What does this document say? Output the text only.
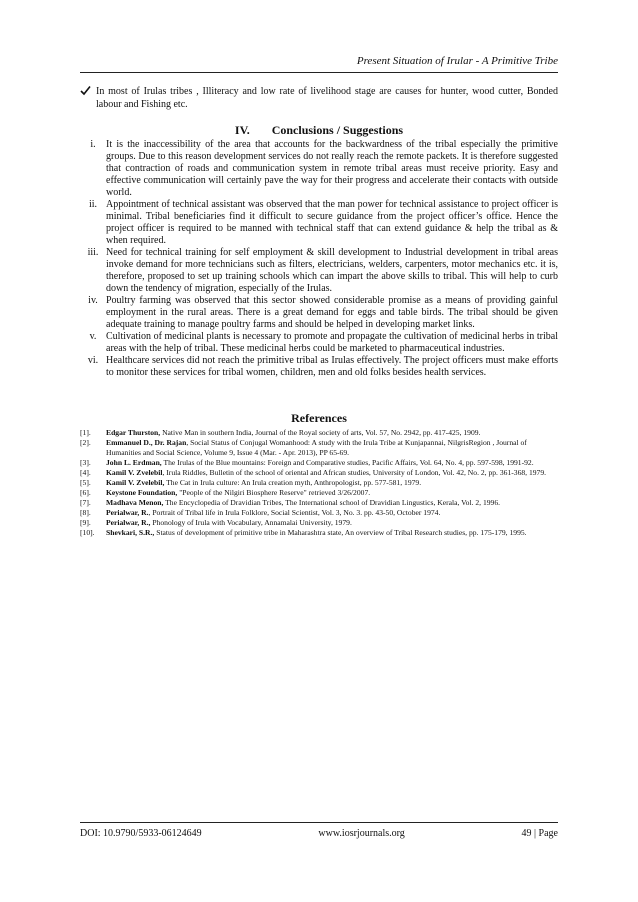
Present Situation of Irular - A Primitive Tribe
In most of Irulas tribes , Illiteracy and low rate of livelihood stage are causes for hunter, wood cutter, Bonded labour and Fishing etc.
IV. Conclusions / Suggestions
i.	It is the inaccessibility of the area that accounts for the backwardness of the tribal especially the primitive groups. Due to this reason development services do not really reach the remote packets. It is therefore suggested that contraction of roads and communication system in remote tribal areas must receive priority. Easy and effective communication will certainly pave the way for their progress and accelerate their contacts with outside world.
ii. Appointment of technical assistant was observed that the man power for technical assistance to project officer is minimal. Tribal beneficiaries find it difficult to secure guidance from the project officer’s office. Hence the project officer is required to be manned with technical staff that can extend guidance & help the tribal as & when required.
iii. Need for technical training for self employment & skill development to Industrial development in tribal areas invoke demand for more technicians such as filters, electricians, welders, carpenters, motor mechanics etc. it is, therefore, proposed to set up training schools which can impart the above skills to tribal. This will help to curb down the tendency of migration, especially of the Irulas.
iv. Poultry farming was observed that this sector showed considerable promise as a means of providing gainful employment in the rural areas. There is a great demand for eggs and table birds. The tribal should be given adequate training to manage poultry farms and should be helped in developing market links.
v. Cultivation of medicinal plants is necessary to promote and propagate the cultivation of medicinal herbs in tribal areas with the help of tribal. These medicinal herbs could be marketed to pharmaceutical industries.
vi. Healthcare services did not reach the primitive tribal as Irulas effectively. The project officers must make efforts to monitor these services for tribal women, children, men and old folks besides health services.
References
[1].	Edgar Thurston, Native Man in southern India, Journal of the Royal society of arts, Vol. 57, No. 2942, pp. 417-425, 1909.
[2].	Emmanuel D., Dr. Rajan, Social Status of Conjugal Womanhood: A study with the Irula Tribe at Kunjapannai, NilgrisRegion , Journal of Humanities and Social Science, Volume 9, Issue 4 (Mar. - Apr. 2013), PP 65-69.
[3].	John L. Erdman, The Irulas of the Blue mountains: Foreign and Comparative studies, Pacific Affairs, Vol. 64, No. 4, pp. 597-598, 1991-92.
[4].	Kamil V. Zvelebil, Irula Riddles, Bulletin of the school of oriental and African studies, University of London, Vol. 42, No. 2, pp. 361-368, 1979.
[5].	Kamil V. Zvelebil, The Cat in Irula culture: An Irula creation myth, Anthropologist, pp. 577-581, 1979.
[6].	Keystone Foundation, "People of the Nilgiri Biosphere Reserve" retrieved 3/26/2007.
[7].	Madhava Menon, The Encyclopedia of Dravidian Tribes, The International school of Dravidian Lingustics, Kerala, Vol. 2, 1996.
[8].	Perialwar, R., Portrait of Tribal life in Irula Folklore, Social Scientist, Vol. 3, No. 3. pp. 43-50, October 1974.
[9].	Perialwar, R., Phonology of Irula with Vocabulary, Annamalai University, 1979.
[10].	Shevkari, S.R., Status of development of primitive tribe in Maharashtra state, An overview of Tribal Research studies, pp. 175-179, 1995.
DOI: 10.9790/5933-06124649	www.iosrjournals.org	49 | Page
